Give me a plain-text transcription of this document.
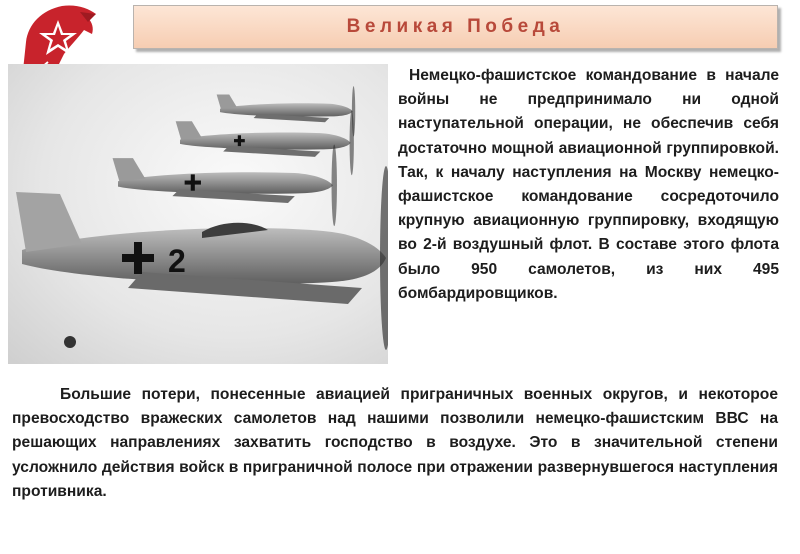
Великая Победа
2

Немецко-фашистское командование в начале войны не предпринимало ни одной наступательной операции, не обеспечив себя достаточно мощной авиационной группировкой. Так, к началу наступления на Москву немецко-фашистское командование сосредоточило крупную авиационную группировку, входящую во 2-й воздушный флот. В составе этого флота было 950 самолетов, из них 495 бомбардировщиков.

Большие потери, понесенные авиацией приграничных военных округов, и некоторое превосходство вражеских самолетов над нашими позволили немецко-фашистским ВВС на решающих направлениях захватить господство в воздухе. Это в значительной степени усложнило действия войск в приграничной полосе при отражении развернувшегося наступления противника.
